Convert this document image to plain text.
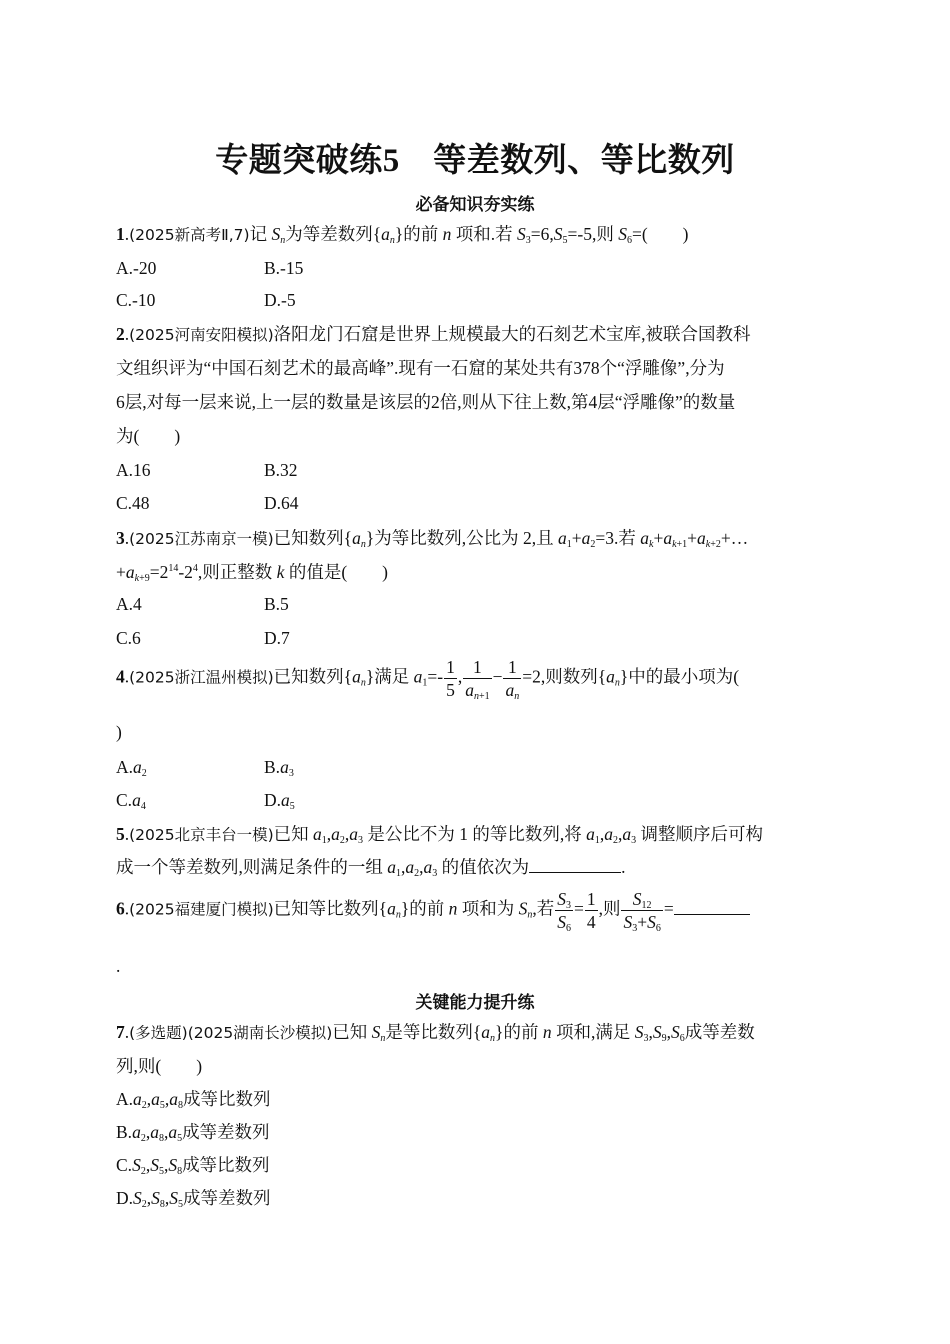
专题突破练5　等差数列、等比数列
必备知识夯实练
1.(2025新高考Ⅱ,7)记 $S_n$为等差数列$\{a_n\}$的前 n 项和.若 $S_3=6,S_5=-5$,则 $S_6=$(　　)
A.-20	B.-15
C.-10	D.-5
2.(2025河南安阳模拟)洛阳龙门石窟是世界上规模最大的石刻艺术宝库,被联合国教科
文组织评为“中国石刻艺术的最高峰”.现有一石窟的某处共有378个“浮雕像”,分为
6层,对每一层来说,上一层的数量是该层的2倍,则从下往上数,第4层“浮雕像”的数量
为(　　)
A.16	B.32
C.48	D.64
3.(2025江苏南京一模)已知数列$\{a_n\}$为等比数列,公比为 2,且 $a_1+a_2=3$.若 $a_k+a_{k+1}+a_{k+2}+\dots$
$+a_{k+9}=2^{14}-2^4$,则正整数 k 的值是(　　)
A.4	B.5
C.6	D.7
4.(2025浙江温州模拟)已知数列$\{a_n\}$满足 $a_1=- \frac{1}{5}$ , $\frac{1}{a_{n+1}} - \frac{1}{a_n} =2$,则数列$\{a_n\}$中的最小项为(
)
$A.a_2$	$B.a_3$
$C.a_4$	$D.a_5$
5.(2025北京丰台一模)已知 $a_1,a_2,a_3$ 是公比不为 1 的等比数列,将 $a_1,a_2,a_3$ 调整顺序后可构
成一个等差数列,则满足条件的一组 $a_1,a_2,a_3$ 的值依次为	.
6.(2025福建厦门模拟)已知等比数列$\{a_n\}$的前 n 项和为 $S_n$,若 $\frac{S_3}{S_6} = \frac{1}{4}$ ,则 $\frac{S_{12}}{S_3+S_6}$ =
.
关键能力提升练
7.(多选题)(2025湖南长沙模拟)已知 $S_n$是等比数列$\{a_n\}$的前 n 项和,满足 $S_3,S_9,S_6$成等差数
列,则(　　)
$A.a_2,a_5,a_8$成等比数列
$B.a_2,a_8,a_5$成等差数列
$C.S_2,S_5,S_8$成等比数列
$D.S_2,S_8,S_5$成等差数列
